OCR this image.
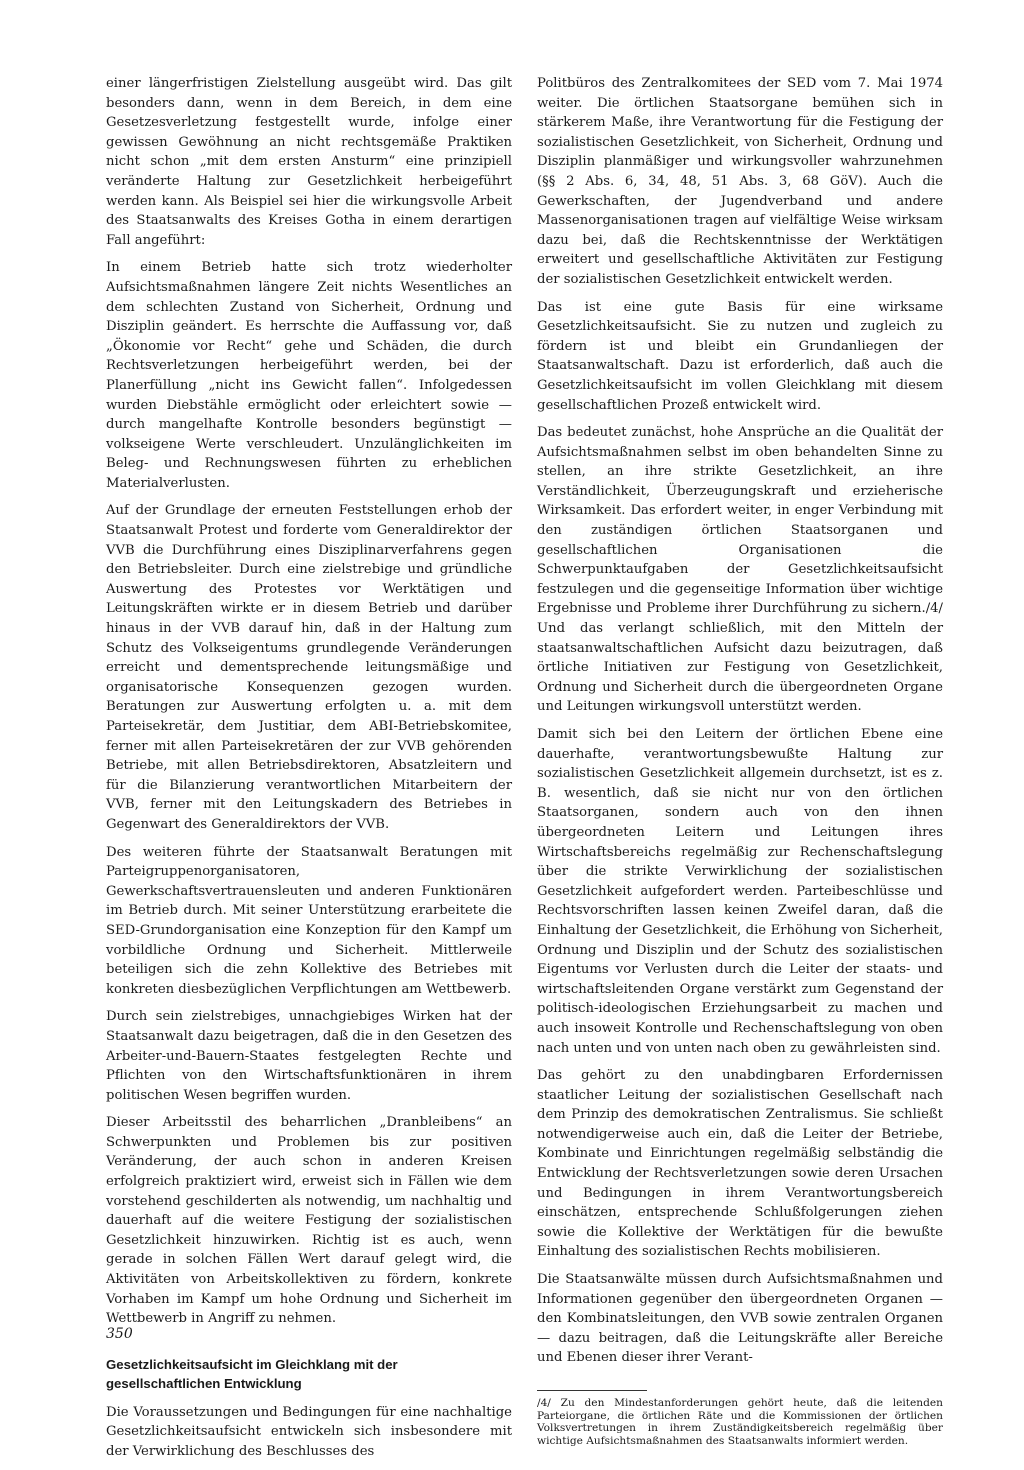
einer längerfristigen Zielstellung ausgeübt wird. Das gilt besonders dann, wenn in dem Bereich, in dem eine Gesetzesverletzung festgestellt wurde, infolge einer gewissen Gewöhnung an nicht rechtsgemäße Praktiken nicht schon „mit dem ersten Ansturm“ eine prinzipiell veränderte Haltung zur Gesetzlichkeit herbeigeführt werden kann. Als Beispiel sei hier die wirkungsvolle Arbeit des Staatsanwalts des Kreises Gotha in einem derartigen Fall angeführt:

In einem Betrieb hatte sich trotz wiederholter Aufsichtsmaßnahmen längere Zeit nichts Wesentliches an dem schlechten Zustand von Sicherheit, Ordnung und Disziplin geändert. Es herrschte die Auffassung vor, daß „Ökonomie vor Recht“ gehe und Schäden, die durch Rechtsverletzungen herbeigeführt werden, bei der Planerfüllung „nicht ins Gewicht fallen“. Infolgedessen wurden Diebstähle ermöglicht oder erleichtert sowie — durch mangelhafte Kontrolle besonders begünstigt — volkseigene Werte verschleudert. Unzulänglichkeiten im Beleg- und Rechnungswesen führten zu erheblichen Materialverlusten.

Auf der Grundlage der erneuten Feststellungen erhob der Staatsanwalt Protest und forderte vom Generaldirektor der VVB die Durchführung eines Disziplinarverfahrens gegen den Betriebsleiter. Durch eine zielstrebige und gründliche Auswertung des Protestes vor Werktätigen und Leitungskräften wirkte er in diesem Betrieb und darüber hinaus in der VVB darauf hin, daß in der Haltung zum Schutz des Volkseigentums grundlegende Veränderungen erreicht und dementsprechende leitungsmäßige und organisatorische Konsequenzen gezogen wurden. Beratungen zur Auswertung erfolgten u. a. mit dem Parteisekretär, dem Justitiar, dem ABI-Betriebskomitee, ferner mit allen Parteisekretären der zur VVB gehörenden Betriebe, mit allen Betriebsdirektoren, Absatzleitern und für die Bilanzierung verantwortlichen Mitarbeitern der VVB, ferner mit den Leitungskadern des Betriebes in Gegenwart des Generaldirektors der VVB.

Des weiteren führte der Staatsanwalt Beratungen mit Parteigruppenorganisatoren, Gewerkschaftsvertrauensleuten und anderen Funktionären im Betrieb durch. Mit seiner Unterstützung erarbeitete die SED-Grundorganisation eine Konzeption für den Kampf um vorbildliche Ordnung und Sicherheit. Mittlerweile beteiligen sich die zehn Kollektive des Betriebes mit konkreten diesbezüglichen Verpflichtungen am Wettbewerb.

Durch sein zielstrebiges, unnachgiebiges Wirken hat der Staatsanwalt dazu beigetragen, daß die in den Gesetzen des Arbeiter-und-Bauern-Staates festgelegten Rechte und Pflichten von den Wirtschaftsfunktionären in ihrem politischen Wesen begriffen wurden.

Dieser Arbeitsstil des beharrlichen „Dranbleibens“ an Schwerpunkten und Problemen bis zur positiven Veränderung, der auch schon in anderen Kreisen erfolgreich praktiziert wird, erweist sich in Fällen wie dem vorstehend geschilderten als notwendig, um nachhaltig und dauerhaft auf die weitere Festigung der sozialistischen Gesetzlichkeit hinzuwirken. Richtig ist es auch, wenn gerade in solchen Fällen Wert darauf gelegt wird, die Aktivitäten von Arbeitskollektiven zu fördern, konkrete Vorhaben im Kampf um hohe Ordnung und Sicherheit im Wettbewerb in Angriff zu nehmen.

Gesetzlichkeitsaufsicht im Gleichklang mit der gesellschaftlichen Entwicklung

Die Voraussetzungen und Bedingungen für eine nachhaltige Gesetzlichkeitsaufsicht entwickeln sich insbesondere mit der Verwirklichung des Beschlusses des

Politbüros des Zentralkomitees der SED vom 7. Mai 1974 weiter. Die örtlichen Staatsorgane bemühen sich in stärkerem Maße, ihre Verantwortung für die Festigung der sozialistischen Gesetzlichkeit, von Sicherheit, Ordnung und Disziplin planmäßiger und wirkungsvoller wahrzunehmen (§§ 2 Abs. 6, 34, 48, 51 Abs. 3, 68 GöV). Auch die Gewerkschaften, der Jugendverband und andere Massenorganisationen tragen auf vielfältige Weise wirksam dazu bei, daß die Rechtskenntnisse der Werktätigen erweitert und gesellschaftliche Aktivitäten zur Festigung der sozialistischen Gesetzlichkeit entwickelt werden.

Das ist eine gute Basis für eine wirksame Gesetzlichkeitsaufsicht. Sie zu nutzen und zugleich zu fördern ist und bleibt ein Grundanliegen der Staatsanwaltschaft. Dazu ist erforderlich, daß auch die Gesetzlichkeitsaufsicht im vollen Gleichklang mit diesem gesellschaftlichen Prozeß entwickelt wird.

Das bedeutet zunächst, hohe Ansprüche an die Qualität der Aufsichtsmaßnahmen selbst im oben behandelten Sinne zu stellen, an ihre strikte Gesetzlichkeit, an ihre Verständlichkeit, Überzeugungskraft und erzieherische Wirksamkeit. Das erfordert weiter, in enger Verbindung mit den zuständigen örtlichen Staatsorganen und gesellschaftlichen Organisationen die Schwerpunktaufgaben der Gesetzlichkeitsaufsicht festzulegen und die gegenseitige Information über wichtige Ergebnisse und Probleme ihrer Durchführung zu sichern./4/ Und das verlangt schließlich, mit den Mitteln der staatsanwaltschaftlichen Aufsicht dazu beizutragen, daß örtliche Initiativen zur Festigung von Gesetzlichkeit, Ordnung und Sicherheit durch die übergeordneten Organe und Leitungen wirkungsvoll unterstützt werden.

Damit sich bei den Leitern der örtlichen Ebene eine dauerhafte, verantwortungsbewußte Haltung zur sozialistischen Gesetzlichkeit allgemein durchsetzt, ist es z. B. wesentlich, daß sie nicht nur von den örtlichen Staatsorganen, sondern auch von den ihnen übergeordneten Leitern und Leitungen ihres Wirtschaftsbereichs regelmäßig zur Rechenschaftslegung über die strikte Verwirklichung der sozialistischen Gesetzlichkeit aufgefordert werden. Parteibeschlüsse und Rechtsvorschriften lassen keinen Zweifel daran, daß die Einhaltung der Gesetzlichkeit, die Erhöhung von Sicherheit, Ordnung und Disziplin und der Schutz des sozialistischen Eigentums vor Verlusten durch die Leiter der staats- und wirtschaftsleitenden Organe verstärkt zum Gegenstand der politisch-ideologischen Erziehungsarbeit zu machen und auch insoweit Kontrolle und Rechenschaftslegung von oben nach unten und von unten nach oben zu gewährleisten sind.

Das gehört zu den unabdingbaren Erfordernissen staatlicher Leitung der sozialistischen Gesellschaft nach dem Prinzip des demokratischen Zentralismus. Sie schließt notwendigerweise auch ein, daß die Leiter der Betriebe, Kombinate und Einrichtungen regelmäßig selbständig die Entwicklung der Rechtsverletzungen sowie deren Ursachen und Bedingungen in ihrem Verantwortungsbereich einschätzen, entsprechende Schlußfolgerungen ziehen sowie die Kollektive der Werktätigen für die bewußte Einhaltung des sozialistischen Rechts mobilisieren.

Die Staatsanwälte müssen durch Aufsichtsmaßnahmen und Informationen gegenüber den übergeordneten Organen — den Kombinatsleitungen, den VVB sowie zentralen Organen — dazu beitragen, daß die Leitungskräfte aller Bereiche und Ebenen dieser ihrer Verant-

/4/ Zu den Mindestanforderungen gehört heute, daß die leitenden Parteiorgane, die örtlichen Räte und die Kommissionen der örtlichen Volksvertretungen in ihrem Zuständigkeitsbereich regelmäßig über wichtige Aufsichtsmaßnahmen des Staatsanwalts informiert werden.

350
